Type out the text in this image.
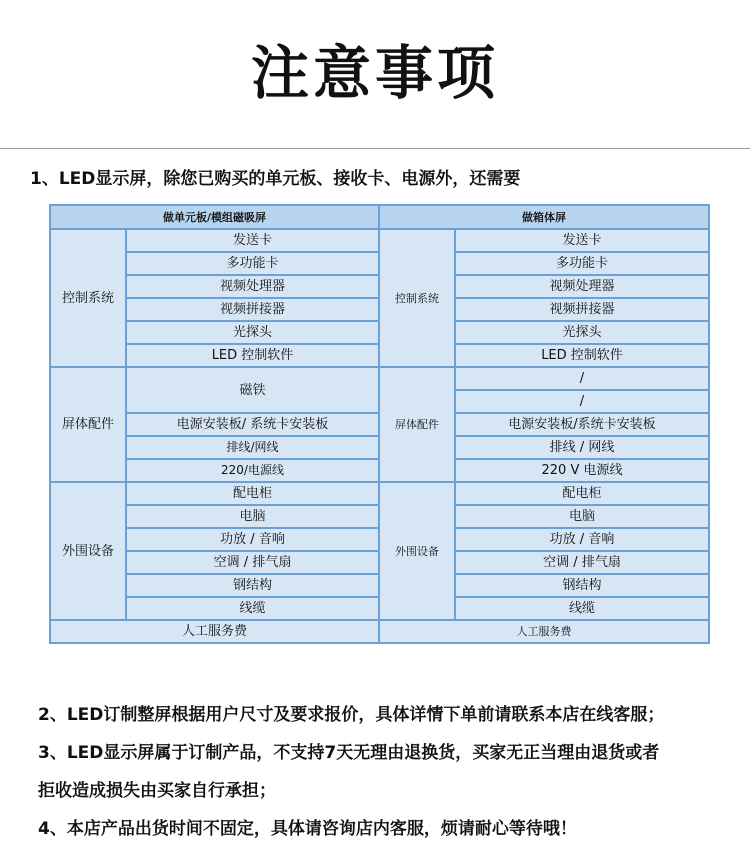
注意事项
1、LED显示屏，除您已购买的单元板、接收卡、电源外，还需要
做单元板/模组磁吸屏		做箱体屏	
控制系统	发送卡	控制系统	发送卡
	多功能卡		多功能卡
	视频处理器		视频处理器
	视频拼接器		视频拼接器
	光探头		光探头
	LED 控制软件		LED 控制软件
屏体配件	磁铁	屏体配件	/
			/
	电源安装板/ 系统卡安装板		电源安装板/系统卡安装板
	排线/网线		排线 / 网线
	220/电源线		220 V 电源线
外围设备	配电柜	外围设备	配电柜
	电脑		电脑
	功放 / 音响		功放 / 音响
	空调 / 排气扇		空调 / 排气扇
	钢结构		钢结构
	线缆		线缆
人工服务费		人工服务费	
2、LED订制整屏根据用户尺寸及要求报价，具体详情下单前请联系本店在线客服；
3、LED显示屏属于订制产品，不支持7天无理由退换货，买家无正当理由退货或者
拒收造成损失由买家自行承担；
4、本店产品出货时间不固定，具体请咨询店内客服，烦请耐心等待哦！
